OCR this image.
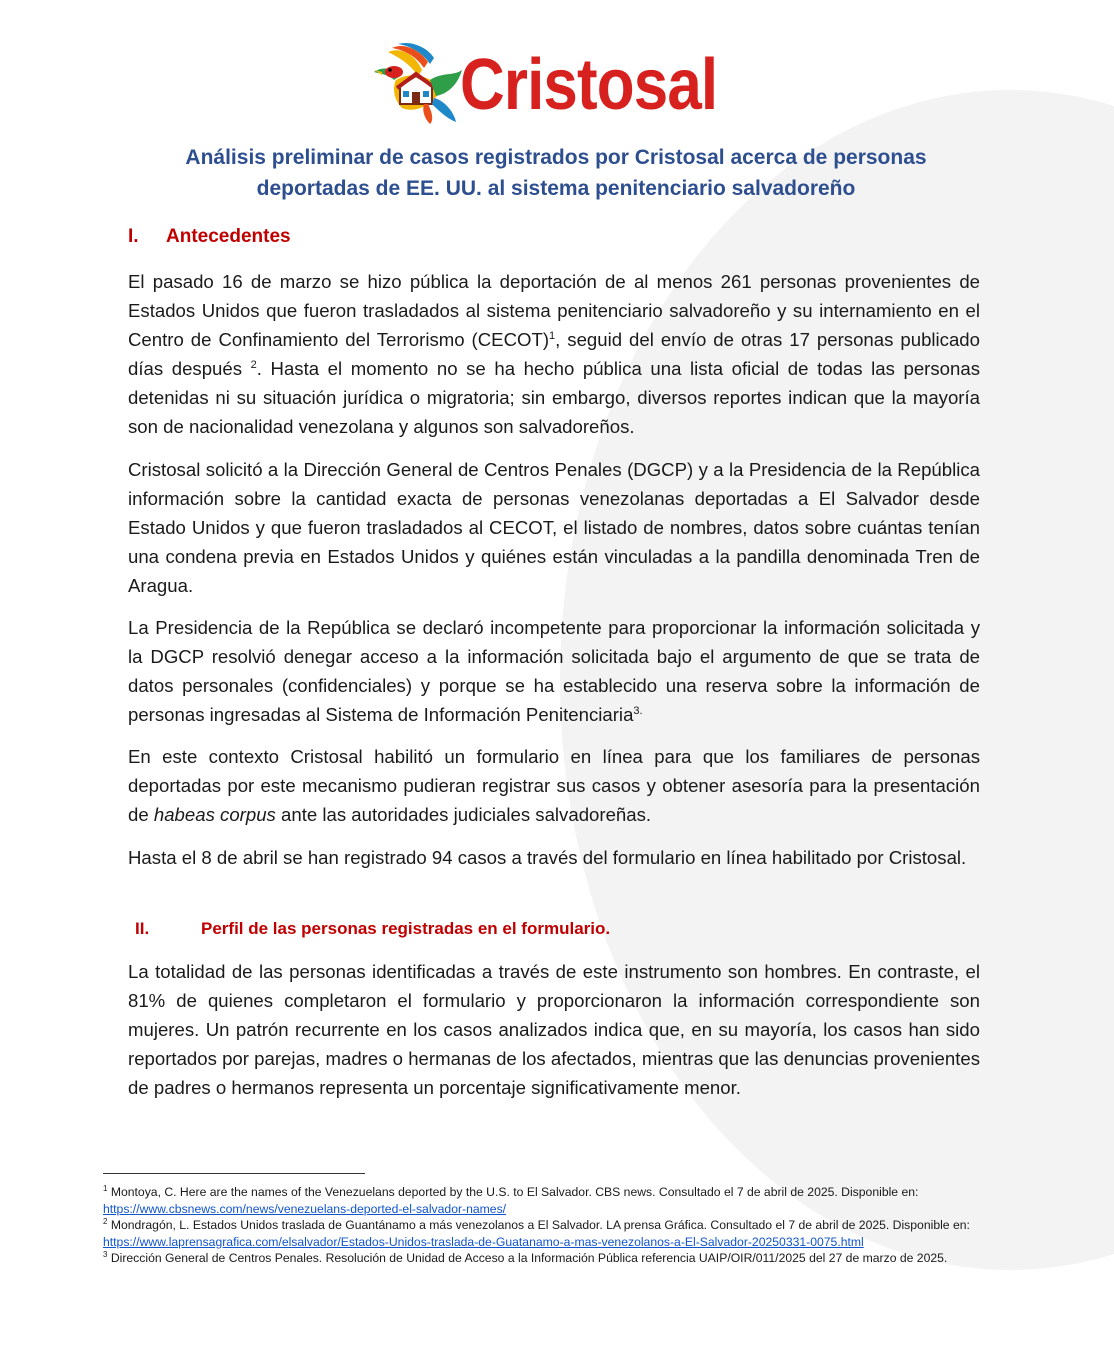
Cristosal
Análisis preliminar de casos registrados por Cristosal acerca de personas
deportadas de EE. UU. al sistema penitenciario salvadoreño
I. Antecedentes

El pasado 16 de marzo se hizo pública la deportación de al menos 261 personas provenientes de Estados Unidos que fueron trasladados al sistema penitenciario salvadoreño y su internamiento en el Centro de Confinamiento del Terrorismo (CECOT)$^1$, seguid del envío de otras 17 personas publicado días después $^2$. Hasta el momento no se ha hecho pública una lista oficial de todas las personas detenidas ni su situación jurídica o migratoria; sin embargo, diversos reportes indican que la mayoría son de nacionalidad venezolana y algunos son salvadoreños.

Cristosal solicitó a la Dirección General de Centros Penales (DGCP) y a la Presidencia de la República información sobre la cantidad exacta de personas venezolanas deportadas a El Salvador desde Estado Unidos y que fueron trasladados al CECOT, el listado de nombres, datos sobre cuántas tenían una condena previa en Estados Unidos y quiénes están vinculadas a la pandilla denominada Tren de Aragua.

La Presidencia de la República se declaró incompetente para proporcionar la información solicitada y la DGCP resolvió denegar acceso a la información solicitada bajo el argumento de que se trata de datos personales (confidenciales) y porque se ha establecido una reserva sobre la información de personas ingresadas al Sistema de Información Penitenciaria$^{3.}$

En este contexto Cristosal habilitó un formulario en línea para que los familiares de personas deportadas por este mecanismo pudieran registrar sus casos y obtener asesoría para la presentación de habeas corpus ante las autoridades judiciales salvadoreñas.

Hasta el 8 de abril se han registrado 94 casos a través del formulario en línea habilitado por Cristosal.

II.	Perfil de las personas registradas en el formulario.

La totalidad de las personas identificadas a través de este instrumento son hombres. En contraste, el 81% de quienes completaron el formulario y proporcionaron la información correspondiente son mujeres. Un patrón recurrente en los casos analizados indica que, en su mayoría, los casos han sido reportados por parejas, madres o hermanas de los afectados, mientras que las denuncias provenientes de padres o hermanos representa un porcentaje significativamente menor.

$^1$ Montoya, C. Here are the names of the Venezuelans deported by the U.S. to El Salvador. CBS news. Consultado el 7 de abril de 2025. Disponible en: https://www.cbsnews.com/news/venezuelans-deported-el-salvador-names/

$^2$ Mondragón, L. Estados Unidos traslada de Guantánamo a más venezolanos a El Salvador. LA prensa Gráfica. Consultado el 7 de abril de 2025. Disponible en: https://www.laprensagrafica.com/elsalvador/Estados-Unidos-traslada-de-Guatanamo-a-mas-venezolanos-a-El-Salvador-20250331-0075.html

$^3$ Dirección General de Centros Penales. Resolución de Unidad de Acceso a la Información Pública referencia UAIP/OIR/011/2025 del 27 de marzo de 2025.
